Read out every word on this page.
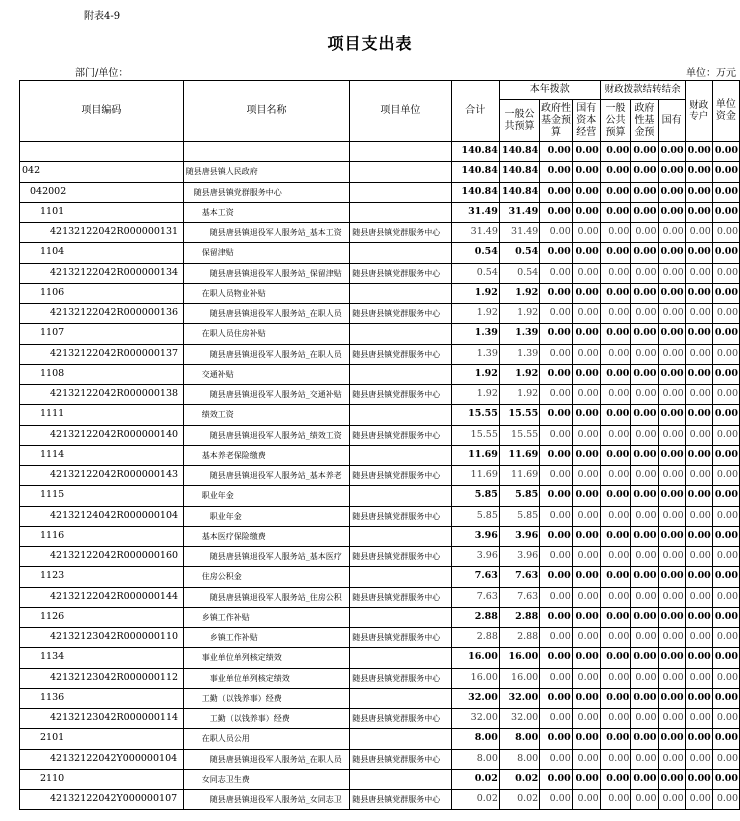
附表4-9
项目支出表
部门/单位：	单位：万元
项目编码	项目名称	项目单位	合计	本年拨款			财政拨款结转结余			财政专户	单位资金
				一般公共预算	政府性基金预算	国有资本经营	一般公共预算	政府性基金预	国有		
			140.84	140.84	0.00	0.00	0.00	0.00	0.00	0.00	0.00
042	随县唐县镇人民政府		140.84	140.84	0.00	0.00	0.00	0.00	0.00	0.00	0.00
042002	随县唐县镇党群服务中心		140.84	140.84	0.00	0.00	0.00	0.00	0.00	0.00	0.00
1101	基本工资		31.49	31.49	0.00	0.00	0.00	0.00	0.00	0.00	0.00
42132122042R000000131	随县唐县镇退役军人服务站_基本工资	随县唐县镇党群服务中心	31.49	31.49	0.00	0.00	0.00	0.00	0.00	0.00	0.00
1104	保留津贴		0.54	0.54	0.00	0.00	0.00	0.00	0.00	0.00	0.00
42132122042R000000134	随县唐县镇退役军人服务站_保留津贴	随县唐县镇党群服务中心	0.54	0.54	0.00	0.00	0.00	0.00	0.00	0.00	0.00
1106	在职人员物业补贴		1.92	1.92	0.00	0.00	0.00	0.00	0.00	0.00	0.00
42132122042R000000136	随县唐县镇退役军人服务站_在职人员	随县唐县镇党群服务中心	1.92	1.92	0.00	0.00	0.00	0.00	0.00	0.00	0.00
1107	在职人员住房补贴		1.39	1.39	0.00	0.00	0.00	0.00	0.00	0.00	0.00
42132122042R000000137	随县唐县镇退役军人服务站_在职人员	随县唐县镇党群服务中心	1.39	1.39	0.00	0.00	0.00	0.00	0.00	0.00	0.00
1108	交通补贴		1.92	1.92	0.00	0.00	0.00	0.00	0.00	0.00	0.00
42132122042R000000138	随县唐县镇退役军人服务站_交通补贴	随县唐县镇党群服务中心	1.92	1.92	0.00	0.00	0.00	0.00	0.00	0.00	0.00
1111	绩效工资		15.55	15.55	0.00	0.00	0.00	0.00	0.00	0.00	0.00
42132122042R000000140	随县唐县镇退役军人服务站_绩效工资	随县唐县镇党群服务中心	15.55	15.55	0.00	0.00	0.00	0.00	0.00	0.00	0.00
1114	基本养老保险缴费		11.69	11.69	0.00	0.00	0.00	0.00	0.00	0.00	0.00
42132122042R000000143	随县唐县镇退役军人服务站_基本养老	随县唐县镇党群服务中心	11.69	11.69	0.00	0.00	0.00	0.00	0.00	0.00	0.00
1115	职业年金		5.85	5.85	0.00	0.00	0.00	0.00	0.00	0.00	0.00
42132124042R000000104	职业年金	随县唐县镇党群服务中心	5.85	5.85	0.00	0.00	0.00	0.00	0.00	0.00	0.00
1116	基本医疗保险缴费		3.96	3.96	0.00	0.00	0.00	0.00	0.00	0.00	0.00
42132122042R000000160	随县唐县镇退役军人服务站_基本医疗	随县唐县镇党群服务中心	3.96	3.96	0.00	0.00	0.00	0.00	0.00	0.00	0.00
1123	住房公积金		7.63	7.63	0.00	0.00	0.00	0.00	0.00	0.00	0.00
42132122042R000000144	随县唐县镇退役军人服务站_住房公积	随县唐县镇党群服务中心	7.63	7.63	0.00	0.00	0.00	0.00	0.00	0.00	0.00
1126	乡镇工作补贴		2.88	2.88	0.00	0.00	0.00	0.00	0.00	0.00	0.00
42132123042R000000110	乡镇工作补贴	随县唐县镇党群服务中心	2.88	2.88	0.00	0.00	0.00	0.00	0.00	0.00	0.00
1134	事业单位单列核定绩效		16.00	16.00	0.00	0.00	0.00	0.00	0.00	0.00	0.00
42132123042R000000112	事业单位单列核定绩效	随县唐县镇党群服务中心	16.00	16.00	0.00	0.00	0.00	0.00	0.00	0.00	0.00
1136	工勤（以钱养事）经费		32.00	32.00	0.00	0.00	0.00	0.00	0.00	0.00	0.00
42132123042R000000114	工勤（以钱养事）经费	随县唐县镇党群服务中心	32.00	32.00	0.00	0.00	0.00	0.00	0.00	0.00	0.00
2101	在职人员公用		8.00	8.00	0.00	0.00	0.00	0.00	0.00	0.00	0.00
42132122042Y000000104	随县唐县镇退役军人服务站_在职人员	随县唐县镇党群服务中心	8.00	8.00	0.00	0.00	0.00	0.00	0.00	0.00	0.00
2110	女同志卫生费		0.02	0.02	0.00	0.00	0.00	0.00	0.00	0.00	0.00
42132122042Y000000107	随县唐县镇退役军人服务站_女同志卫	随县唐县镇党群服务中心	0.02	0.02	0.00	0.00	0.00	0.00	0.00	0.00	0.00
